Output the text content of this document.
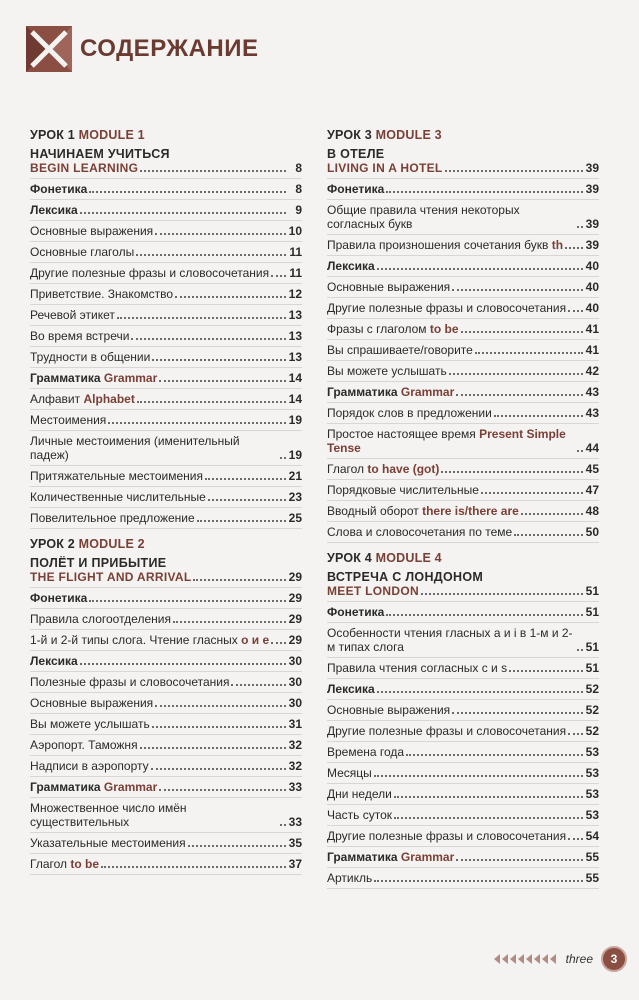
СОДЕРЖАНИЕ
УРОК 1 MODULE 1
НАЧИНАЕМ УЧИТЬСЯ
BEGIN LEARNING	8
Фонетика	8
Лексика	9
Основные выражения	10
Основные глаголы	11
Другие полезные фразы и словосочетания 11
Приветствие. Знакомство	12
Речевой этикет	13
Во время встречи	13
Трудности в общении	13
Грамматика Grammar	14
Алфавит Alphabet	14
Местоимения	19
Личные местоимения (именительный падеж)	19
Притяжательные местоимения	21
Количественные числительные	23
Повелительное предложение	25
УРОК 2 MODULE 2
ПОЛЁТ И ПРИБЫТИЕ
THE FLIGHT AND ARRIVAL	29
Фонетика	29
Правила слогоотделения	29
1-й и 2-й типы слога. Чтение гласных o и e 29
Лексика	30
Полезные фразы и словосочетания	30
Основные выражения	30
Вы можете услышать	31
Аэропорт. Таможня	32
Надписи в аэропорту	32
Грамматика Grammar	33
Множественное число имён существительных	33
Указательные местоимения	35
Глагол to be	37
УРОК 3 MODULE 3
В ОТЕЛЕ
LIVING IN A HOTEL	39
Фонетика	39
Общие правила чтения некоторых согласных букв	39
Правила произношения сочетания букв th 39
Лексика	40
Основные выражения	40
Другие полезные фразы и словосочетания 40
Фразы с глаголом to be	41
Вы спрашиваете/говорите	41
Вы можете услышать	42
Грамматика Grammar	43
Порядок слов в предложении	43
Простое настоящее время Present Simple Tense	44
Глагол to have (got)	45
Порядковые числительные	47
Вводный оборот there is/there are	48
Слова и словосочетания по теме	50
УРОК 4 MODULE 4
ВСТРЕЧА С ЛОНДОНОМ
MEET LONDON	51
Фонетика	51
Особенности чтения гласных a и i в 1-м и 2-м типах слога	51
Правила чтения согласных c и s	51
Лексика	52
Основные выражения	52
Другие полезные фразы и словосочетания 52
Времена года	53
Месяцы	53
Дни недели	53
Часть суток	53
Другие полезные фразы и словосочетания 54
Грамматика Grammar	55
Артикль	55
three	3
